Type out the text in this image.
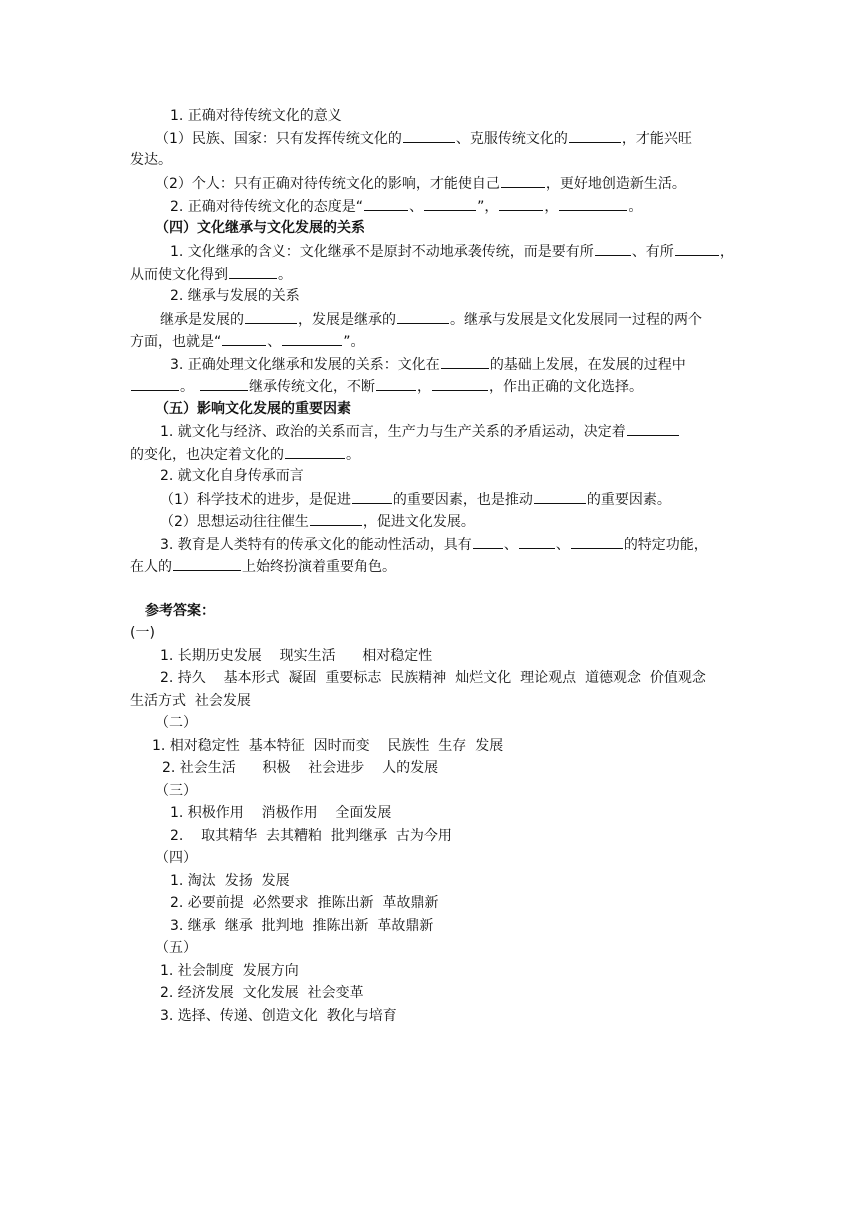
1. 正确对待传统文化的意义
（1）民族、国家：只有发挥传统文化的	、克服传统文化的	，才能兴旺
发达。
（2）个人：只有正确对待传统文化的影响，才能使自己	，更好地创造新生活。
2. 正确对待传统文化的态度是“	、	”，	，	。
（四）文化继承与文化发展的关系
1. 文化继承的含义：文化继承不是原封不动地承袭传统，而是要有所	、有所	，
从而使文化得到	。
2. 继承与发展的关系
继承是发展的	，发展是继承的	。继承与发展是文化发展同一过程的两个
方面，也就是“	、	”。
3. 正确处理文化继承和发展的关系：文化在	的基础上发展，在发展的过程中
。	继承传统文化，不断	，	，作出正确的文化选择。
（五）影响文化发展的重要因素
1. 就文化与经济、政治的关系而言，生产力与生产关系的矛盾运动，决定着
的变化，也决定着文化的	。
2. 就文化自身传承而言
（1）科学技术的进步，是促进	的重要因素，也是推动	的重要因素。
（2）思想运动往往催生	，促进文化发展。
3. 教育是人类特有的传承文化的能动性活动，具有 、	、	的特定功能，
在人的	上始终扮演着重要角色。
参考答案：
(一)
1. 长期历史发展    现实生活      相对稳定性
2. 持久    基本形式  凝固  重要标志  民族精神  灿烂文化  理论观点  道德观念  价值观念
生活方式  社会发展
（二）
1. 相对稳定性  基本特征  因时而变    民族性  生存  发展
2. 社会生活      积极    社会进步    人的发展
（三）
1. 积极作用    消极作用    全面发展
2.    取其精华  去其糟粕  批判继承  古为今用
（四）
1. 淘汰  发扬  发展
2. 必要前提  必然要求  推陈出新  革故鼎新
3. 继承  继承  批判地  推陈出新  革故鼎新
（五）
1. 社会制度  发展方向
2. 经济发展  文化发展  社会变革
3. 选择、传递、创造文化  教化与培育
